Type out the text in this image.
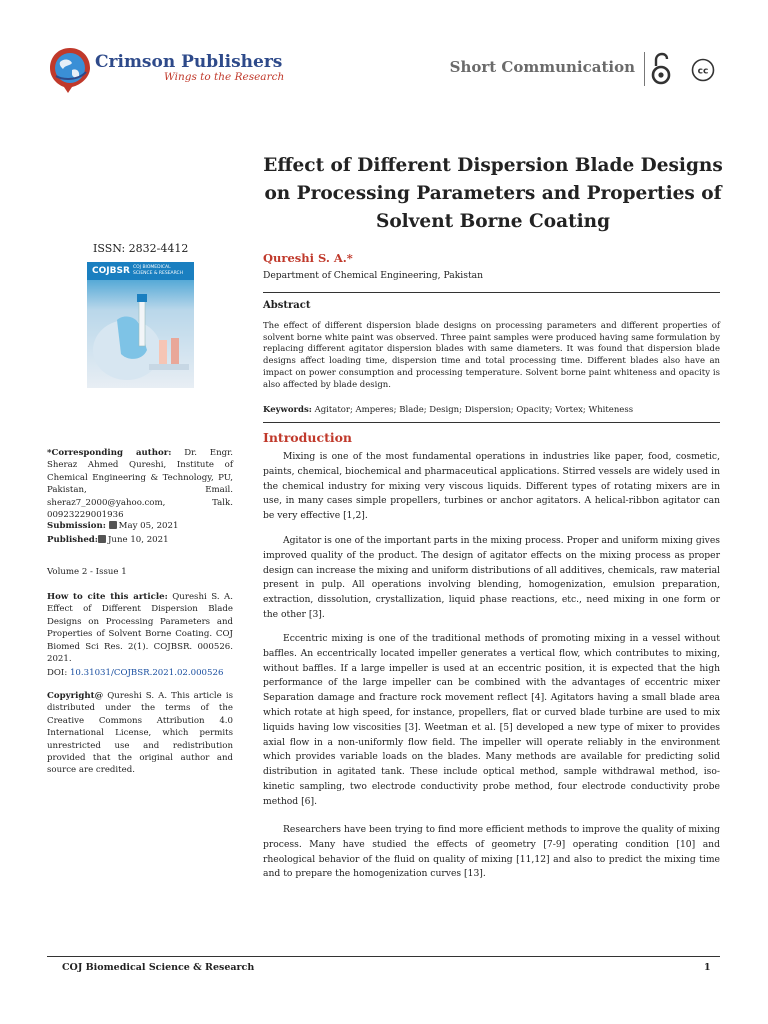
Crimson Publishers
Wings to the Research
Short Communication	cc
Effect of Different Dispersion Blade Designs on Processing Parameters and Properties of Solvent Borne Coating
ISSN: 2832-4412
COJBSR COJ BIOMEDICAL SCIENCE & RESEARCH
*Corresponding author: Dr. Engr. Sheraz Ahmed Qureshi, Institute of Chemical Engineering & Technology, PU, Pakistan, Email. sheraz7_2000@yahoo.com, Talk. 00923229001936
Submission: May 05, 2021
Published: June 10, 2021
Volume 2 - Issue 1
How to cite this article: Qureshi S. A. Effect of Different Dispersion Blade Designs on Processing Parameters and Properties of Solvent Borne Coating. COJ Biomed Sci Res. 2(1). COJBSR. 000526. 2021.
DOI: 10.31031/COJBSR.2021.02.000526
Copyright@ Qureshi S. A. This article is distributed under the terms of the Creative Commons Attribution 4.0 International License, which permits unrestricted use and redistribution provided that the original author and source are credited.
Qureshi S. A.*
Department of Chemical Engineering, Pakistan
Abstract
The effect of different dispersion blade designs on processing parameters and different properties of solvent borne white paint was observed. Three paint samples were produced having same formulation by replacing different agitator dispersion blades with same diameters. It was found that dispersion blade designs affect loading time, dispersion time and total processing time. Different blades also have an impact on power consumption and processing temperature. Solvent borne paint whiteness and opacity is also affected by blade design.
Keywords: Agitator; Amperes; Blade; Design; Dispersion; Opacity; Vortex; Whiteness
Introduction
Mixing is one of the most fundamental operations in industries like paper, food, cosmetic, paints, chemical, biochemical and pharmaceutical applications. Stirred vessels are widely used in the chemical industry for mixing very viscous liquids. Different types of rotating mixers are in use, in many cases simple propellers, turbines or anchor agitators. A helical-ribbon agitator can be very effective [1,2].
Agitator is one of the important parts in the mixing process. Proper and uniform mixing gives improved quality of the product. The design of agitator effects on the mixing process as proper design can increase the mixing and uniform distributions of all additives, chemicals, raw material present in pulp. All operations involving blending, homogenization, emulsion preparation, extraction, dissolution, crystallization, liquid phase reactions, etc., need mixing in one form or the other [3].
Eccentric mixing is one of the traditional methods of promoting mixing in a vessel without baffles. An eccentrically located impeller generates a vertical flow, which contributes to mixing, without baffles. If a large impeller is used at an eccentric position, it is expected that the high performance of the large impeller can be combined with the advantages of eccentric mixer Separation damage and fracture rock movement reflect [4]. Agitators having a small blade area which rotate at high speed, for instance, propellers, flat or curved blade turbine are used to mix liquids having low viscosities [3]. Weetman et al. [5] developed a new type of mixer to provides axial flow in a non-uniformly flow field. The impeller will operate reliably in the environment which provides variable loads on the blades. Many methods are available for predicting solid distribution in agitated tank. These include optical method, sample withdrawal method, iso-kinetic sampling, two electrode conductivity probe method, four electrode conductivity probe method [6].
Researchers have been trying to find more efficient methods to improve the quality of mixing process. Many have studied the effects of geometry [7-9] operating condition [10] and rheological behavior of the fluid on quality of mixing [11,12] and also to predict the mixing time and to prepare the homogenization curves [13].
COJ Biomedical Science & Research	1
